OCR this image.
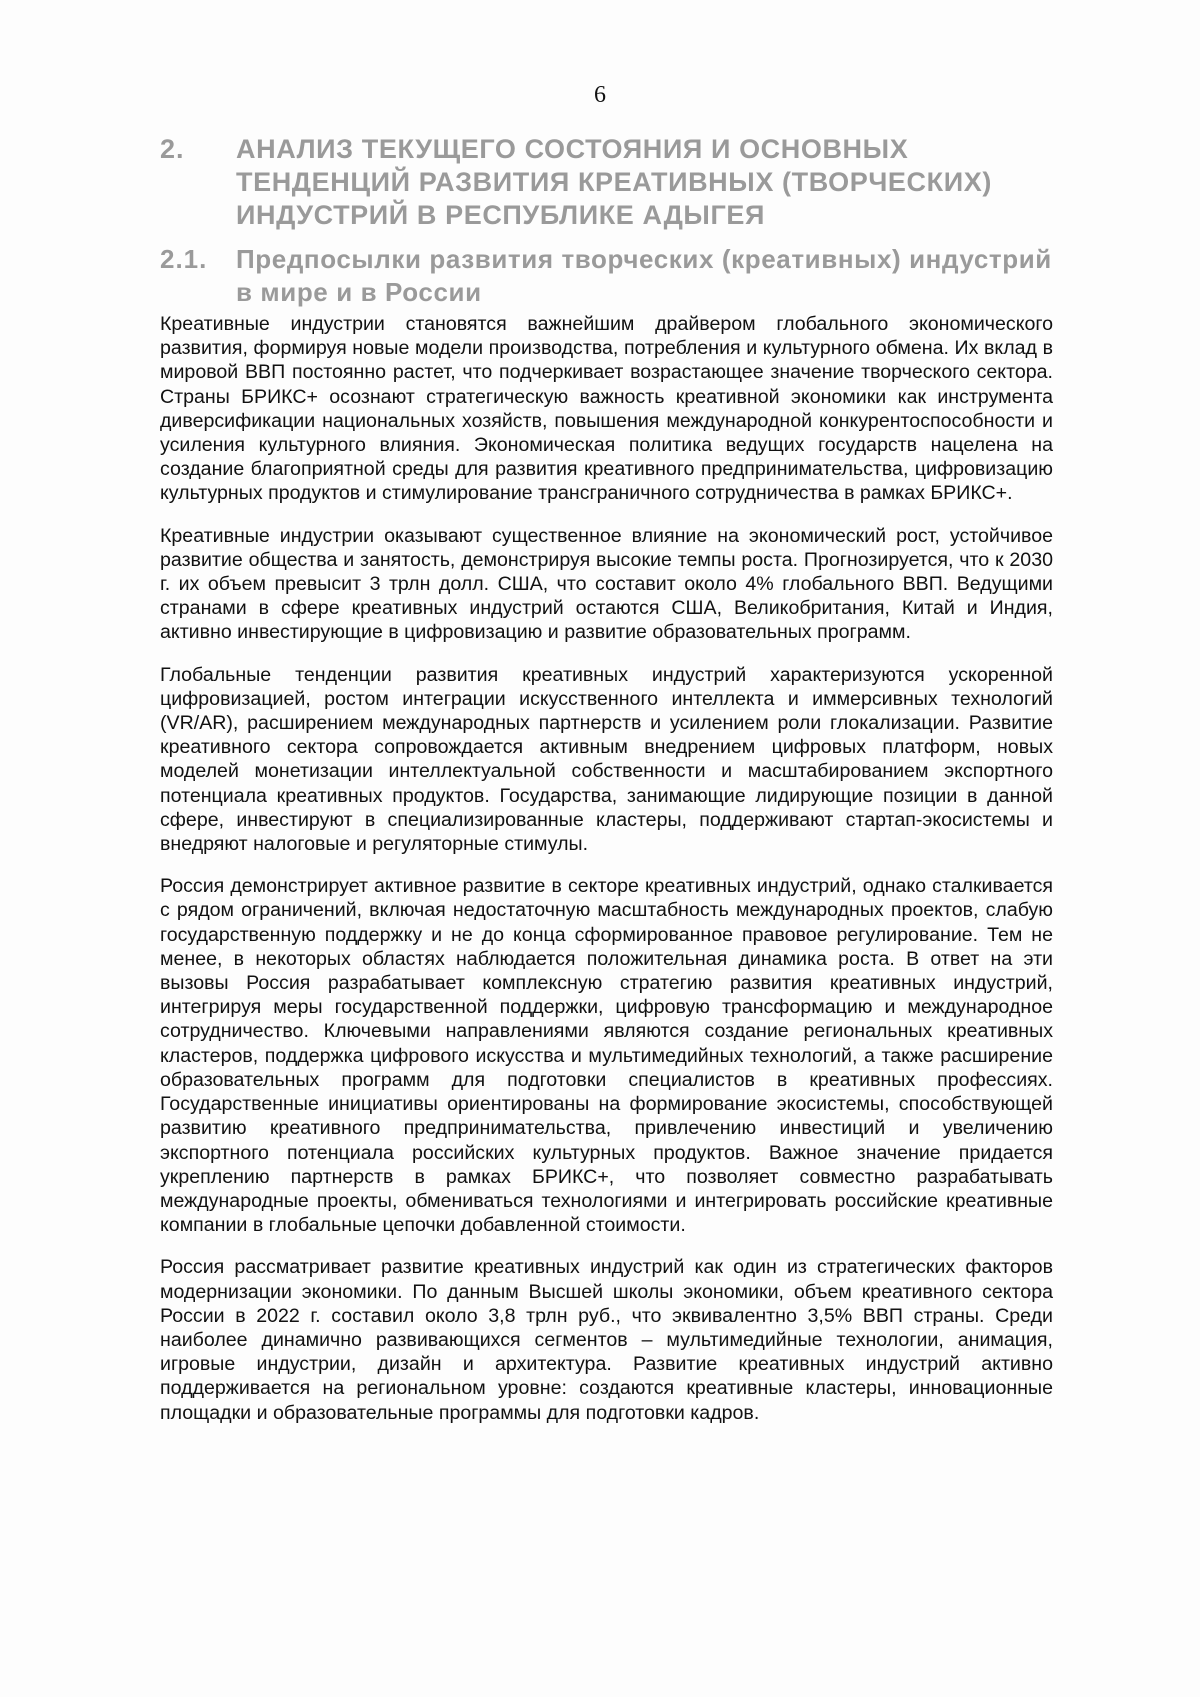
6
2. АНАЛИЗ ТЕКУЩЕГО СОСТОЯНИЯ И ОСНОВНЫХ ТЕНДЕНЦИЙ РАЗВИТИЯ КРЕАТИВНЫХ (ТВОРЧЕСКИХ) ИНДУСТРИЙ В РЕСПУБЛИКЕ АДЫГЕЯ
2.1. Предпосылки развития творческих (креативных) индустрий в мире и в России

Креативные индустрии становятся важнейшим драйвером глобального экономического развития, формируя новые модели производства, потребления и культурного обмена. Их вклад в мировой ВВП постоянно растет, что подчеркивает возрастающее значение творческого сектора. Страны БРИКС+ осознают стратегическую важность креативной экономики как инструмента диверсификации национальных хозяйств, повышения международной конкурентоспособности и усиления культурного влияния. Экономическая политика ведущих государств нацелена на создание благоприятной среды для развития креативного предпринимательства, цифровизацию культурных продуктов и стимулирование трансграничного сотрудничества в рамках БРИКС+.

Креативные индустрии оказывают существенное влияние на экономический рост, устойчивое развитие общества и занятость, демонстрируя высокие темпы роста. Прогнозируется, что к 2030 г. их объем превысит 3 трлн долл. США, что составит около 4% глобального ВВП. Ведущими странами в сфере креативных индустрий остаются США, Великобритания, Китай и Индия, активно инвестирующие в цифровизацию и развитие образовательных программ.

Глобальные тенденции развития креативных индустрий характеризуются ускоренной цифровизацией, ростом интеграции искусственного интеллекта и иммерсивных технологий (VR/AR), расширением международных партнерств и усилением роли глокализации. Развитие креативного сектора сопровождается активным внедрением цифровых платформ, новых моделей монетизации интеллектуальной собственности и масштабированием экспортного потенциала креативных продуктов. Государства, занимающие лидирующие позиции в данной сфере, инвестируют в специализированные кластеры, поддерживают стартап-экосистемы и внедряют налоговые и регуляторные стимулы.

Россия демонстрирует активное развитие в секторе креативных индустрий, однако сталкивается с рядом ограничений, включая недостаточную масштабность международных проектов, слабую государственную поддержку и не до конца сформированное правовое регулирование. Тем не менее, в некоторых областях наблюдается положительная динамика роста. В ответ на эти вызовы Россия разрабатывает комплексную стратегию развития креативных индустрий, интегрируя меры государственной поддержки, цифровую трансформацию и международное сотрудничество. Ключевыми направлениями являются создание региональных креативных кластеров, поддержка цифрового искусства и мультимедийных технологий, а также расширение образовательных программ для подготовки специалистов в креативных профессиях. Государственные инициативы ориентированы на формирование экосистемы, способствующей развитию креативного предпринимательства, привлечению инвестиций и увеличению экспортного потенциала российских культурных продуктов. Важное значение придается укреплению партнерств в рамках БРИКС+, что позволяет совместно разрабатывать международные проекты, обмениваться технологиями и интегрировать российские креативные компании в глобальные цепочки добавленной стоимости.

Россия рассматривает развитие креативных индустрий как один из стратегических факторов модернизации экономики. По данным Высшей школы экономики, объем креативного сектора России в 2022 г. составил около 3,8 трлн руб., что эквивалентно 3,5% ВВП страны. Среди наиболее динамично развивающихся сегментов – мультимедийные технологии, анимация, игровые индустрии, дизайн и архитектура. Развитие креативных индустрий активно поддерживается на региональном уровне: создаются креативные кластеры, инновационные площадки и образовательные программы для подготовки кадров.
